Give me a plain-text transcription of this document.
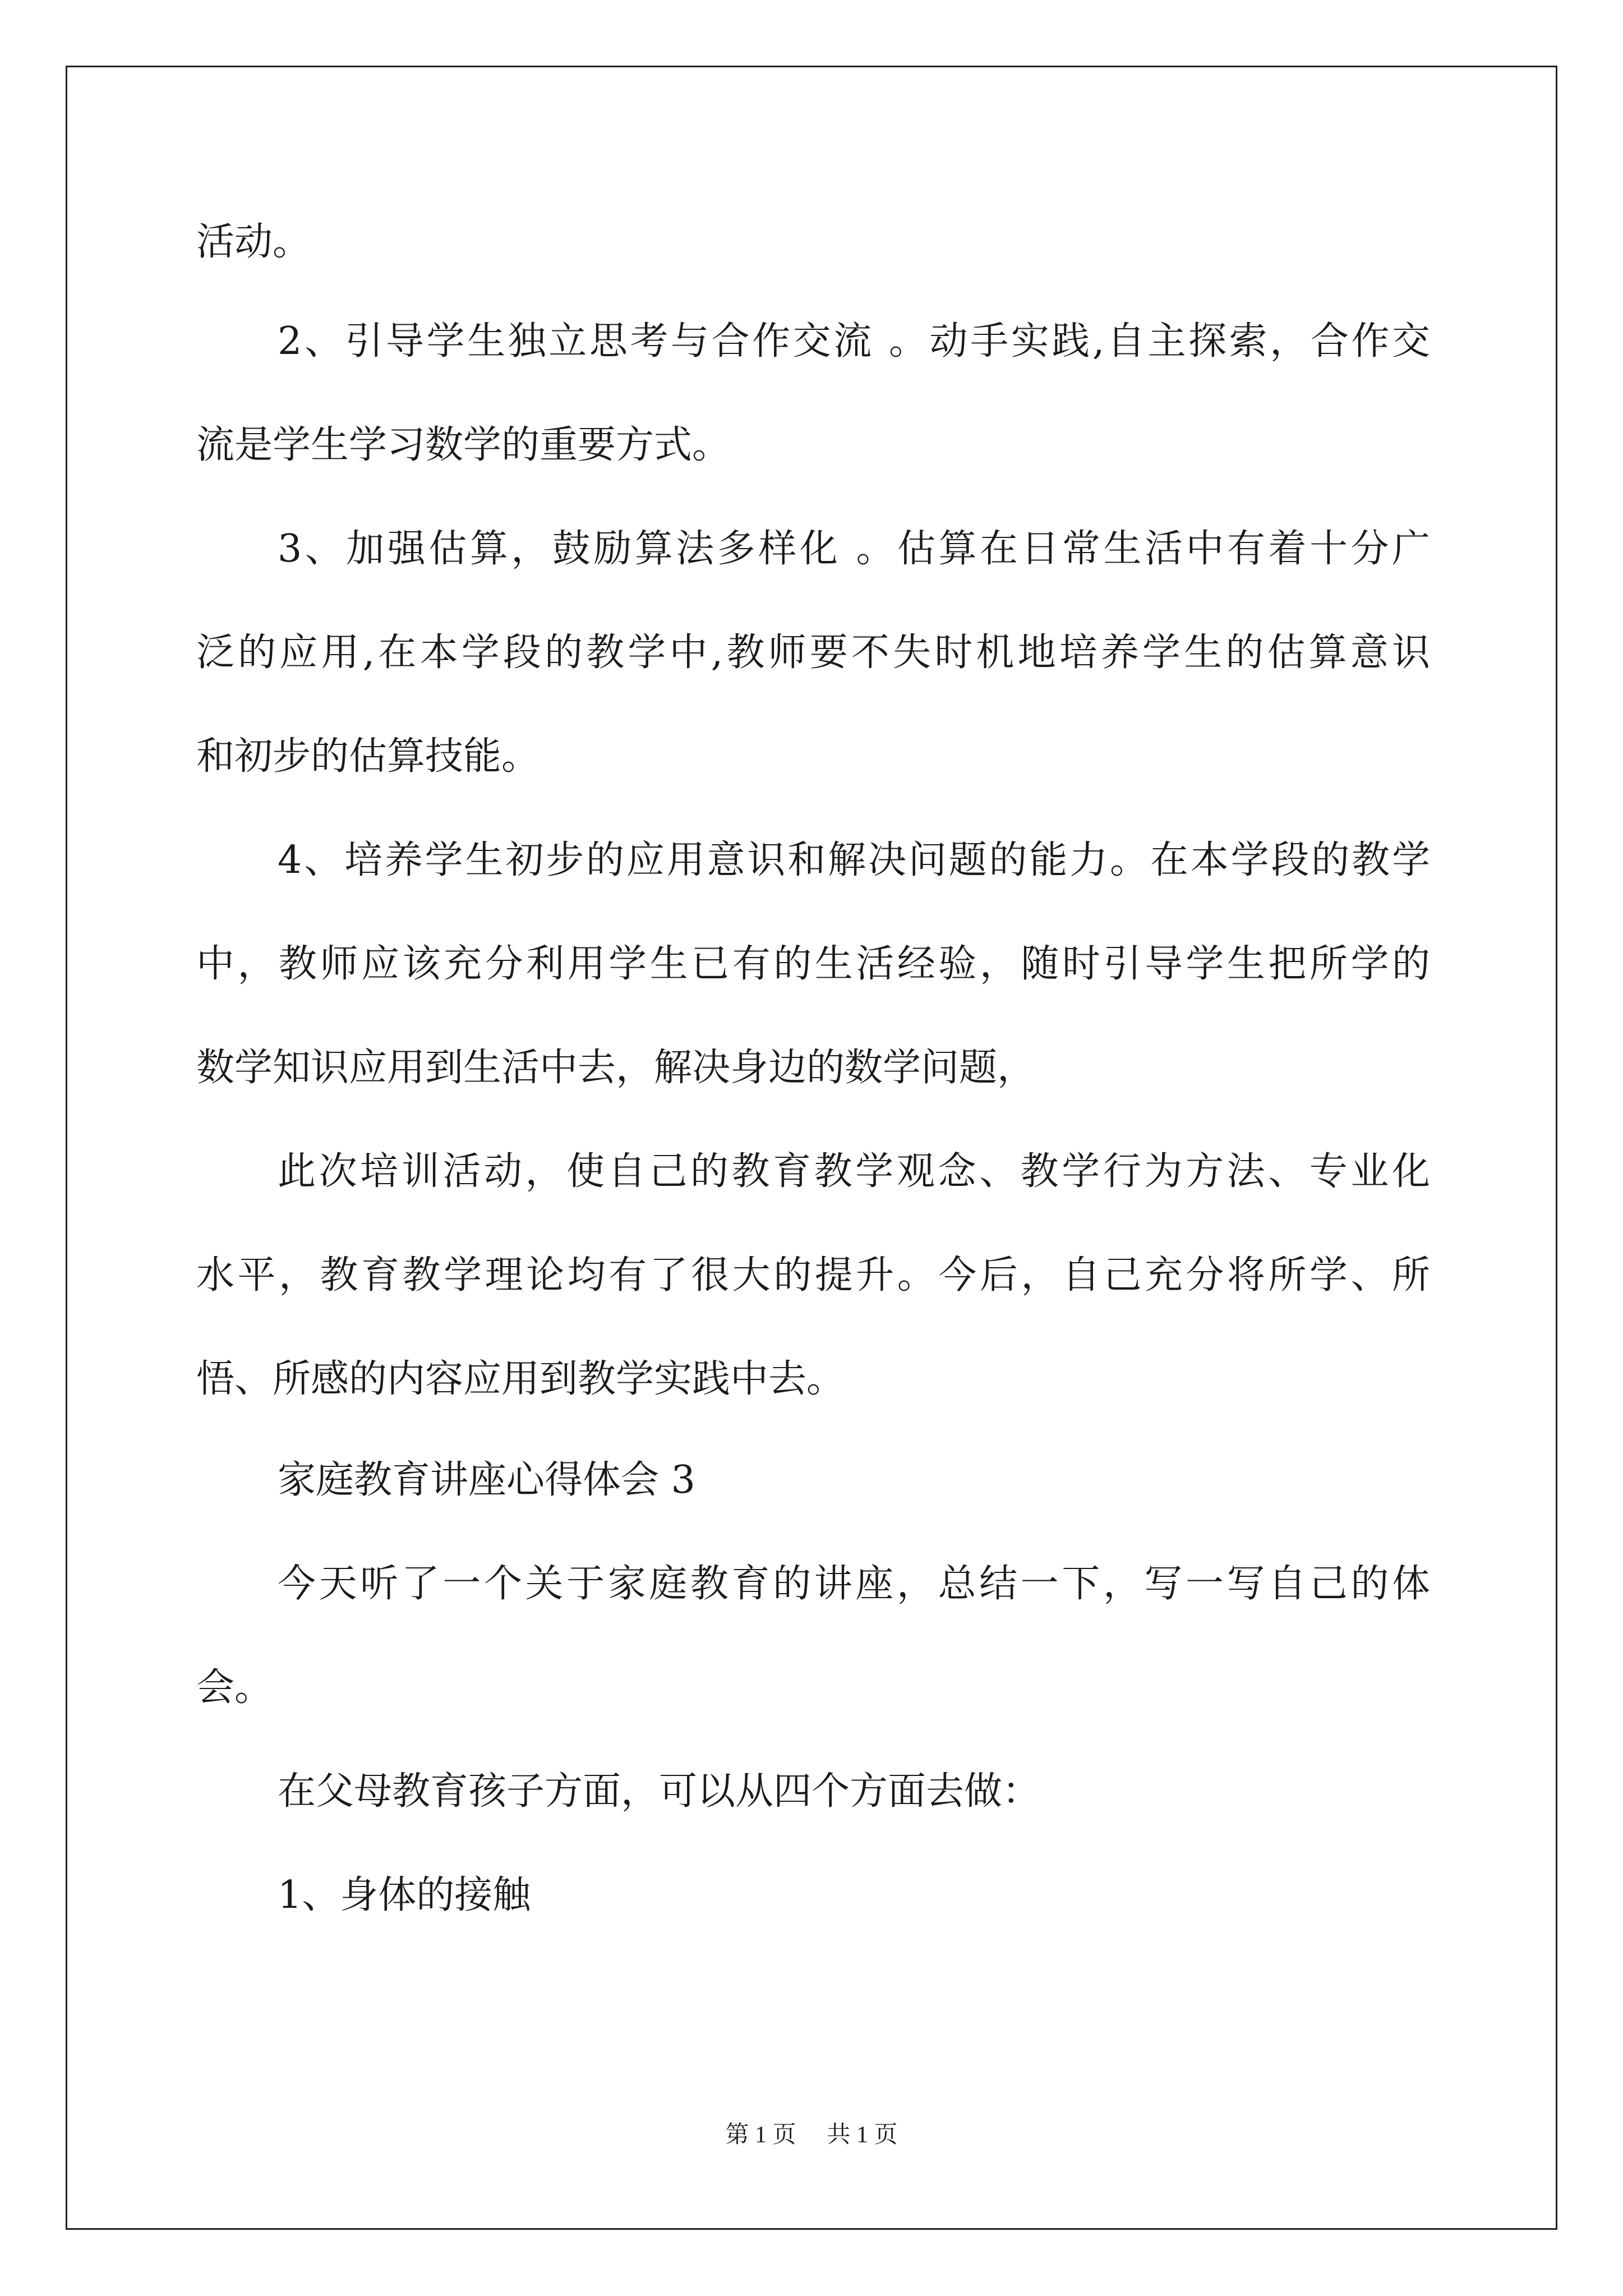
活动。
2、引导学生独立思考与合作交流 。动手实践,自主探索，合作交
流是学生学习数学的重要方式。
3、加强估算，鼓励算法多样化 。估算在日常生活中有着十分广
泛的应用,在本学段的教学中,教师要不失时机地培养学生的估算意识
和初步的估算技能。
4、培养学生初步的应用意识和解决问题的能力。在本学段的教学
中，教师应该充分利用学生已有的生活经验，随时引导学生把所学的
数学知识应用到生活中去，解决身边的数学问题，
此次培训活动，使自己的教育教学观念、教学行为方法、专业化
水平，教育教学理论均有了很大的提升。今后，自己充分将所学、所
悟、所感的内容应用到教学实践中去。
家庭教育讲座心得体会 3
今天听了一个关于家庭教育的讲座，总结一下，写一写自己的体
会。
在父母教育孩子方面，可以从四个方面去做：
1、身体的接触
第 1 页 共 1 页
